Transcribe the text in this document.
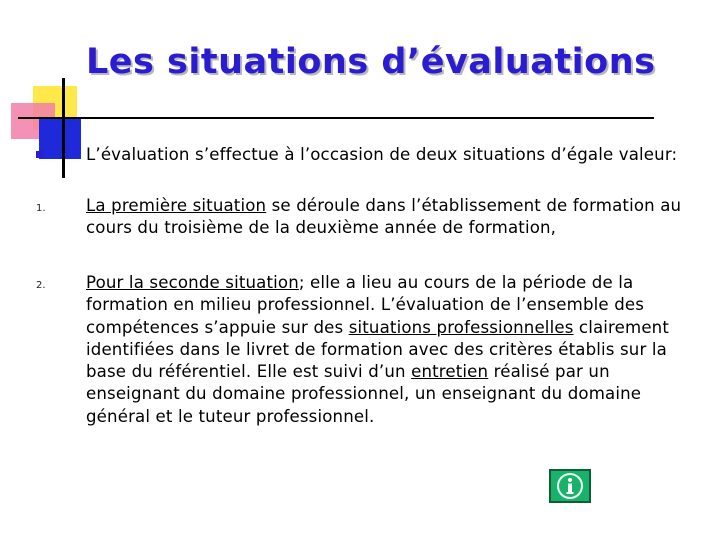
Les situations d’évaluations
L’évaluation s’effectue à l’occasion de deux situations d’égale valeur:
1. La première situation se déroule dans l’établissement de formation au cours du troisième de la deuxième année de formation,
2. Pour la seconde situation; elle a lieu au cours de la période de la formation en milieu professionnel. L’évaluation de l’ensemble des compétences s’appuie sur des situations professionnelles clairement identifiées dans le livret de formation avec des critères établis sur la base du référentiel. Elle est suivi d’un entretien réalisé par un enseignant du domaine professionnel, un enseignant du domaine général et le tuteur professionnel.
